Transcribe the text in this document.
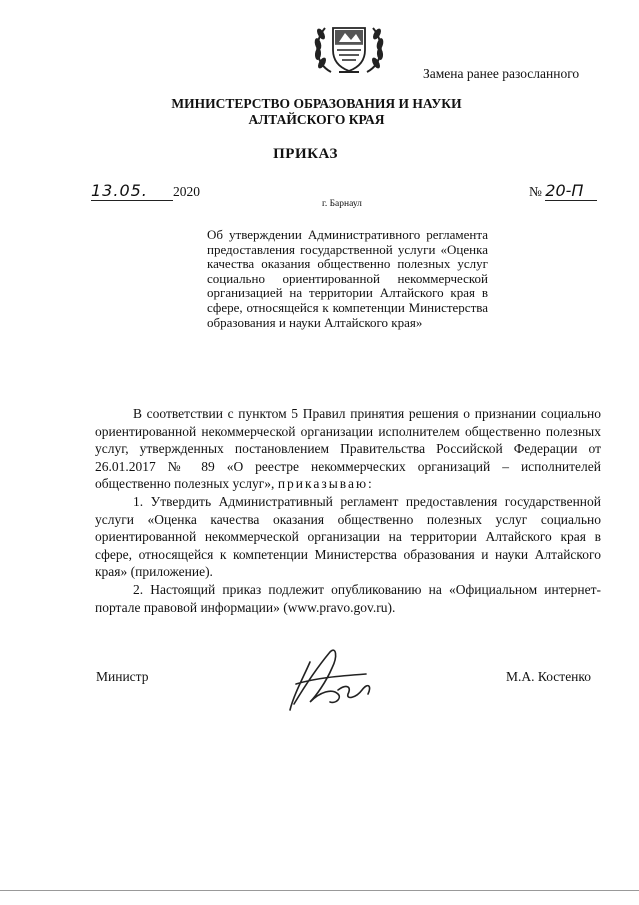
Замена ранее разосланного
МИНИСТЕРСТВО ОБРАЗОВАНИЯ И НАУКИ
АЛТАЙСКОГО КРАЯ
ПРИКАЗ
13.05. 2020	№ 20-П
г. Барнаул
Об утверждении Административного регламента предоставления государственной услуги «Оценка качества оказания общественно полезных услуг социально ориентированной некоммерческой организацией на территории Алтайского края в сфере, относящейся к компетенции Министерства образования и науки Алтайского края»

В соответствии с пунктом 5 Правил принятия решения о признании социально ориентированной некоммерческой организации исполнителем общественно полезных услуг, утвержденных постановлением Правительства Российской Федерации от 26.01.2017 № 89 «О реестре некоммерческих организаций – исполнителей общественно полезных услуг», приказываю:

1. Утвердить Административный регламент предоставления государственной услуги «Оценка качества оказания общественно полезных услуг социально ориентированной некоммерческой организации на территории Алтайского края в сфере, относящейся к компетенции Министерства образования и науки Алтайского края» (приложение).

2. Настоящий приказ подлежит опубликованию на «Официальном интернет-портале правовой информации» (www.pravo.gov.ru).

Министр	М.А. Костенко
